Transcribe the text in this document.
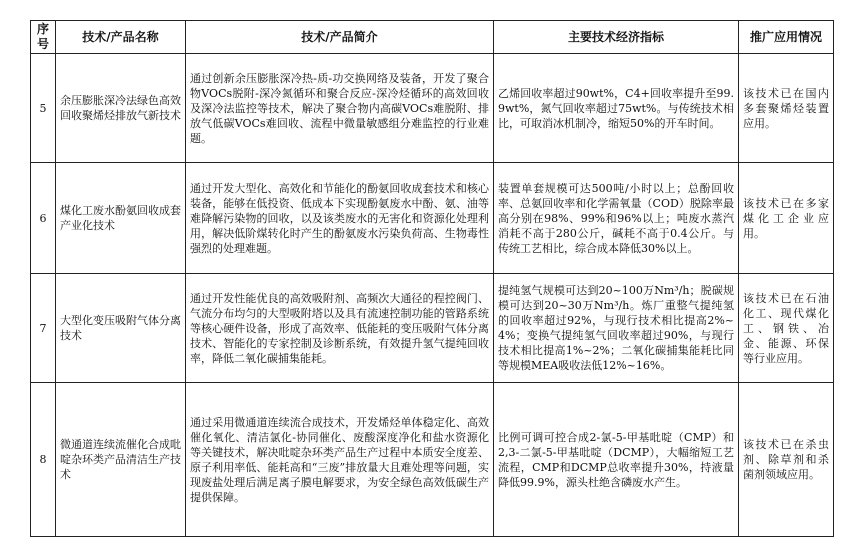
序号	技术/产品名称	技术/产品简介	主要技术经济指标	推广应用情况
5	余压膨胀深冷法绿色高效回收聚烯烃排放气新技术	通过创新余压膨胀深冷热-质-功交换网络及装备，开发了聚合物VOCs脱附-深冷氮循环和聚合反应-深冷烃循环的高效回收及深冷法监控等技术，解决了聚合物内高碳VOCs难脱附、排放气低碳VOCs难回收、流程中微量敏感组分难监控的行业难题。	乙烯回收率超过90wt%，C4+回收率提升至99.9wt%，氮气回收率超过75wt%。与传统技术相比，可取消冰机制冷，缩短50%的开车时间。	该技术已在国内多套聚烯烃装置应用。
6	煤化工废水酚氨回收成套产业化技术	通过开发大型化、高效化和节能化的酚氨回收成套技术和核心装备，能够在低投资、低成本下实现酚氨废水中酚、氨、油等难降解污染物的回收，以及该类废水的无害化和资源化处理利用，解决低阶煤转化时产生的酚氨废水污染负荷高、生物毒性强烈的处理难题。	装置单套规模可达500吨/小时以上；总酚回收率、总氨回收率和化学需氧量（COD）脱除率最高分别在98%、99%和96%以上；吨废水蒸汽消耗不高于280公斤，碱耗不高于0.4公斤。与传统工艺相比，综合成本降低30%以上。	该技术已在多家煤化工企业应用。
7	大型化变压吸附气体分离技术	通过开发性能优良的高效吸附剂、高频次大通径的程控阀门、气流分布均匀的大型吸附塔以及具有流速控制功能的管路系统等核心硬件设备，形成了高效率、低能耗的变压吸附气体分离技术、智能化的专家控制及诊断系统，有效提升氢气提纯回收率，降低二氧化碳捕集能耗。	提纯氢气规模可达到20~100万Nm³/h；脱碳规模可达到20~30万Nm³/h。炼厂重整气提纯氢的回收率超过92%，与现行技术相比提高2%~4%；变换气提纯氢气回收率超过90%，与现行技术相比提高1%~2%；二氧化碳捕集能耗比同等规模MEA吸收法低12%~16%。	该技术已在石油化工、现代煤化工、钢铁、冶金、能源、环保等行业应用。
8	微通道连续流催化合成吡啶杂环类产品清洁生产技术	通过采用微通道连续流合成技术，开发烯烃单体稳定化、高效催化氧化、清洁氯化-协同催化、废酸深度净化和盐水资源化等关键技术，解决吡啶杂环类产品生产过程中本质安全度差、原子利用率低、能耗高和“三废”排放量大且难处理等问题，实现废盐处理后满足离子膜电解要求，为安全绿色高效低碳生产提供保障。	比例可调可控合成2-氯-5-甲基吡啶（CMP）和2,3-二氯-5-甲基吡啶（DCMP），大幅缩短工艺流程，CMP和DCMP总收率提升30%，持液量降低99.9%，源头杜绝含磷废水产生。	该技术已在杀虫剂、除草剂和杀菌剂领域应用。
